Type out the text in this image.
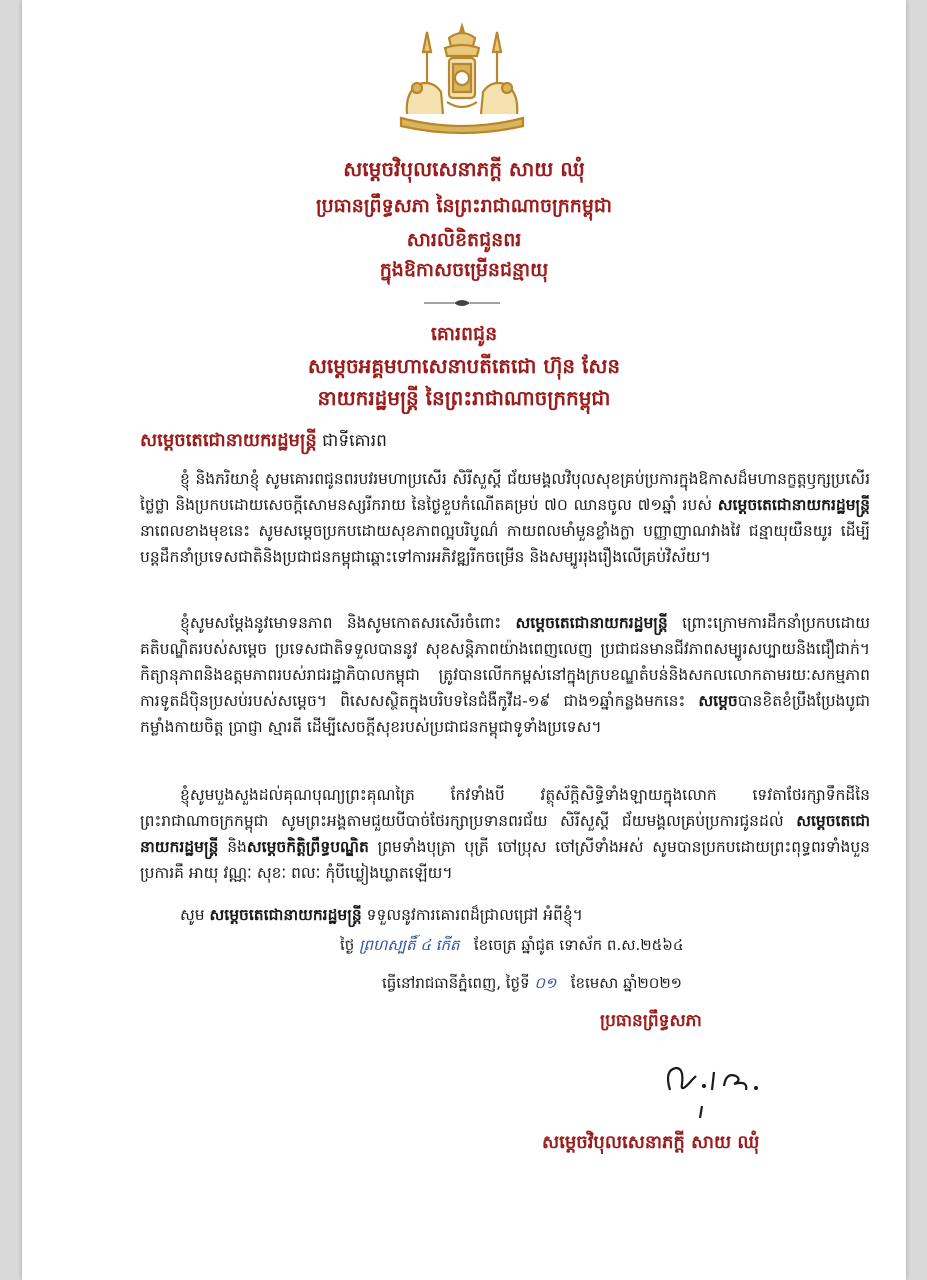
សម្តេចវិបុលសេនាភក្តី សាយ ឈុំ
ប្រធានព្រឹទ្ធសភា នៃព្រះរាជាណាចក្រកម្ពុជា
សារលិខិតជូនពរ
ក្នុងឱកាសចម្រើនជន្មាយុ
គោរពជូន
សម្តេចអគ្គមហាសេនាបតីតេជោ ហ៊ុន សែន
នាយករដ្ឋមន្ត្រី នៃព្រះរាជាណាចក្រកម្ពុជា
សម្តេចតេជោនាយករដ្ឋមន្ត្រី ជាទីគោរព

ខ្ញុំ និងភរិយាខ្ញុំ សូមគោរពជូនពរបវរមហាប្រសើរ សិរីសួស្តី ជ័យមង្គលវិបុលសុខគ្រប់ប្រការក្នុងឱកាសដ៏មហានក្ខត្តឫក្សប្រសើរថ្លៃថ្លា និងប្រកបដោយសេចក្តីសោមនស្សរីករាយ នៃថ្ងៃខួបកំណើតគម្រប់ ៧០ ឈានចូល ៧១ឆ្នាំ របស់ សម្តេចតេជោនាយករដ្ឋមន្ត្រី នាពេលខាងមុខនេះ សូមសម្តេចប្រកបដោយសុខភាពល្អបរិបូណ៌ កាយពលមាំមួនខ្លាំងក្លា បញ្ញាញាណវាងវៃ ជន្មាយុយឺនយូរ ដើម្បីបន្តដឹកនាំប្រទេសជាតិនិងប្រជាជនកម្ពុជាឆ្ពោះទៅការអភិវឌ្ឍរីកចម្រើន និងសម្បូររុងរឿងលើគ្រប់វិស័យ។

ខ្ញុំសូមសម្តែងនូវមោទនភាព និងសូមកោតសរសើរចំពោះ សម្តេចតេជោនាយករដ្ឋមន្ត្រី ព្រោះក្រោមការដឹកនាំប្រកបដោយគតិបណ្ឌិតរបស់សម្តេច ប្រទេសជាតិទទួលបាននូវ សុខសន្តិភាពយ៉ាងពេញលេញ ប្រជាជនមានជីវភាពសម្បូរសប្បាយនិងជឿជាក់។ កិត្យានុភាពនិងឧត្តមភាពរបស់រាជរដ្ឋាភិបាលកម្ពុជា ត្រូវបានលើកកម្ពស់នៅក្នុងក្របខណ្ឌតំបន់និងសកលលោកតាមរយៈសកម្មភាពការទូតដ៏ប៉ិនប្រសប់របស់សម្តេច។ ពិសេសស្ថិតក្នុងបរិបទនៃជំងឺកូវីដ-១៩ ជាង១ឆ្នាំកន្លងមកនេះ សម្តេចបានខិតខំប្រឹងប្រែងបូជាកម្លាំងកាយចិត្ត ប្រាជ្ញា ស្មារតី ដើម្បីសេចក្តីសុខរបស់ប្រជាជនកម្ពុជាទូទាំងប្រទេស។

ខ្ញុំសូមបួងសួងដល់គុណបុណ្យព្រះគុណត្រៃ កែវទាំងបី វត្ថុស័ក្តិសិទ្ធិទាំងឡាយក្នុងលោក ទេវតាថែរក្សាទឹកដីនៃព្រះរាជាណាចក្រកម្ពុជា សូមព្រះអង្គតាមជួយបីបាច់ថែរក្សាប្រទានពរជ័យ សិរីសួស្តី ជ័យមង្គលគ្រប់ប្រការជូនដល់ សម្តេចតេជោនាយករដ្ឋមន្ត្រី និងសម្តេចកិត្តិព្រឹទ្ធបណ្ឌិត ព្រមទាំងបុត្រា បុត្រី ចៅប្រុស ចៅស្រីទាំងអស់ សូមបានប្រកបដោយព្រះពុទ្ធពរទាំងបួនប្រការគឺ អាយុ វណ្ណៈ សុខៈ ពលៈ កុំបីឃ្លៀងឃ្លាតឡើយ។

សូម សម្តេចតេជោនាយករដ្ឋមន្ត្រី ទទួលនូវការគោរពដ៏ជ្រាលជ្រៅ អំពីខ្ញុំ។

ថ្ងៃ ព្រហស្បតិ៍ ៤ កើត ខែចេត្រ ឆ្នាំជូត ទោស័ក ព.ស.២៥៦៤
ធ្វើនៅរាជធានីភ្នំពេញ, ថ្ងៃទី ០១ ខែមេសា ឆ្នាំ២០២១
ប្រធានព្រឹទ្ធសភា
សម្តេចវិបុលសេនាភក្តី សាយ ឈុំ
